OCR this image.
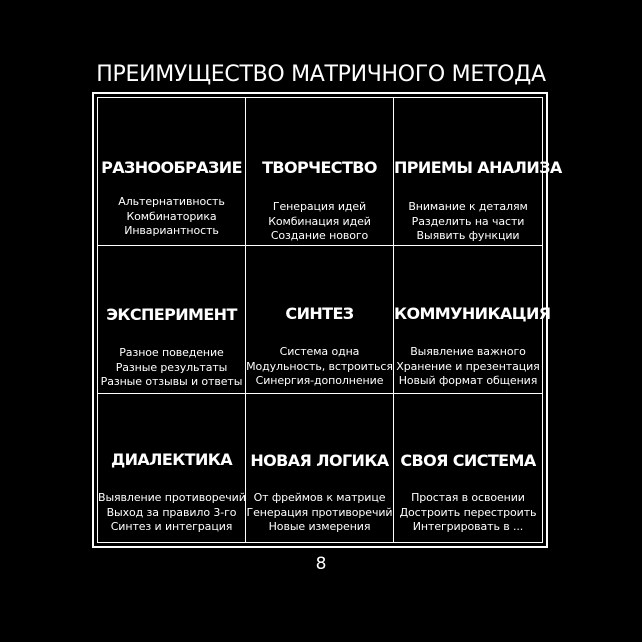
ПРЕИМУЩЕСТВО МАТРИЧНОГО МЕТОДА
РАЗНООБРАЗИЕ
Альтернативность
Комбинаторика
Инвариантность
ТВОРЧЕСТВО
Генерация идей
Комбинация идей
Создание нового
ПРИЕМЫ АНАЛИЗА
Внимание к деталям
Разделить на части
Выявить функции
ЭКСПЕРИМЕНТ
Разное поведение
Разные результаты
Разные отзывы и ответы
СИНТЕЗ
Система одна
Модульность, встроиться
Синергия-дополнение
КОММУНИКАЦИЯ
Выявление важного
Хранение и презентация
Новый формат общения
ДИАЛЕКТИКА
Выявление противоречий
Выход за правило 3-го
Синтез и интеграция
НОВАЯ ЛОГИКА
От фреймов к матрице
Генерация противоречий
Новые измерения
СВОЯ СИСТЕМА
Простая в освоении
Достроить перестроить
Интегрировать в ...
8
